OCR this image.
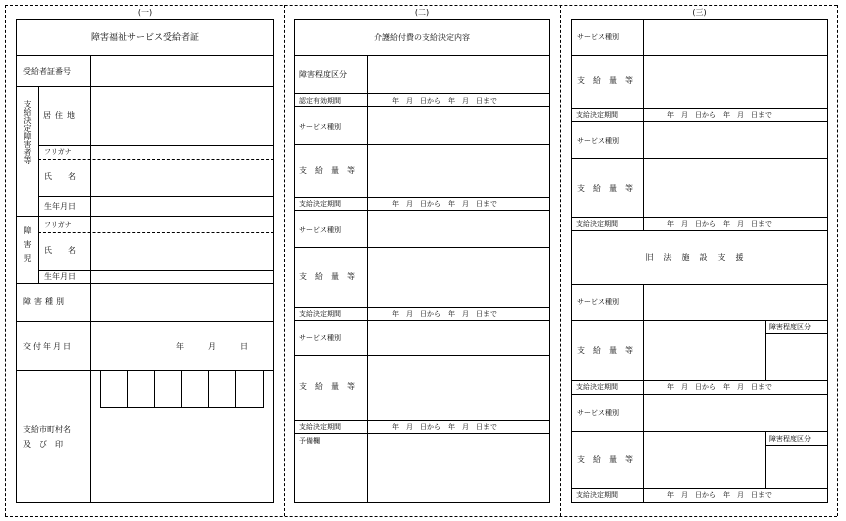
(一)
障害福祉サービス受給者証
受給者証番号
支給決定障害者等 居住地
フリガナ
氏　　名
生年月日
障害児
フリガナ
氏　　名
生年月日
障害種別
交付年月日	年	月	日
支給市町村名
及　び　印
(二)
介護給付費の支給決定内容
障害程度区分
認定有効期間	年　月　日から　年　月　日まで
サービス種別
支給量等
支給決定期間	年　月　日から　年　月　日まで
サービス種別
支給量等
支給決定期間	年　月　日から　年　月　日まで
サービス種別
支給量等
支給決定期間	年　月　日から　年　月　日まで
予備欄
(三)
サービス種別
支給量等
支給決定期間	年　月　日から　年　月　日まで
サービス種別
支給量等
支給決定期間	年　月　日から　年　月　日まで
旧法施設支援
サービス種別
障害程度区分
支給量等
支給決定期間	年　月　日から　年　月　日まで
サービス種別
障害程度区分
支給量等
支給決定期間	年　月　日から　年　月　日まで
